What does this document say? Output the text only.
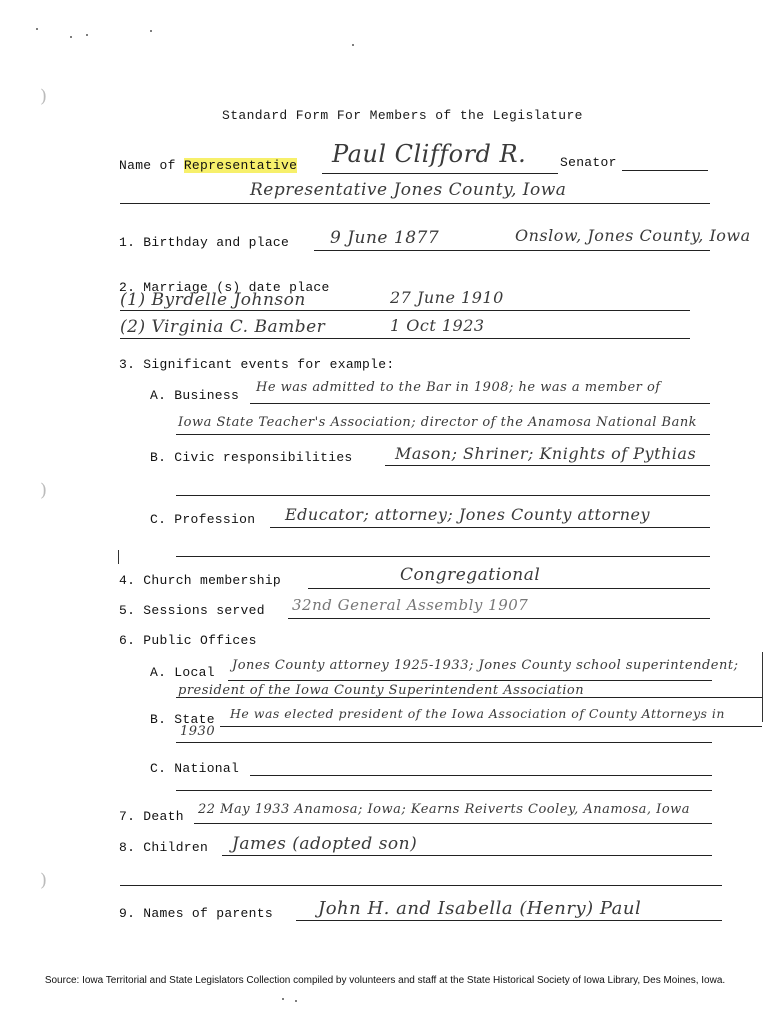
)
)
)
Standard Form For Members of the Legislature
Name of Representative Paul Clifford R.	Senator
Representative Jones County, Iowa
1. Birthday and place 9 June 1877	Onslow, Jones County, Iowa
2. Marriage (s) date place
(1) Byrdelle Johnson	27 June 1910
(2) Virginia C. Bamber	1 Oct 1923
3. Significant events for example:
A. Business
He was admitted to the Bar in 1908; he was a member of
Iowa State Teacher's Association; director of the Anamosa National Bank
B. Civic responsibilities	Mason; Shriner; Knights of Pythias
C. Profession Educator; attorney; Jones County attorney
4. Church membership	Congregational
5. Sessions served 32nd General Assembly 1907
6. Public Offices
A. Local Jones County attorney 1925-1933; Jones County school superintendent;
president of the Iowa County Superintendent Association
B. State He was elected president of the Iowa Association of County Attorneys in
1930
C. National
7. Death 22 May 1933 Anamosa; Iowa; Kearns Reiverts Cooley, Anamosa, Iowa
8. Children James (adopted son)
9. Names of parents	John H. and Isabella (Henry) Paul
Source: Iowa Territorial and State Legislators Collection compiled by volunteers and staff at the State Historical Society of Iowa Library, Des Moines, Iowa.
